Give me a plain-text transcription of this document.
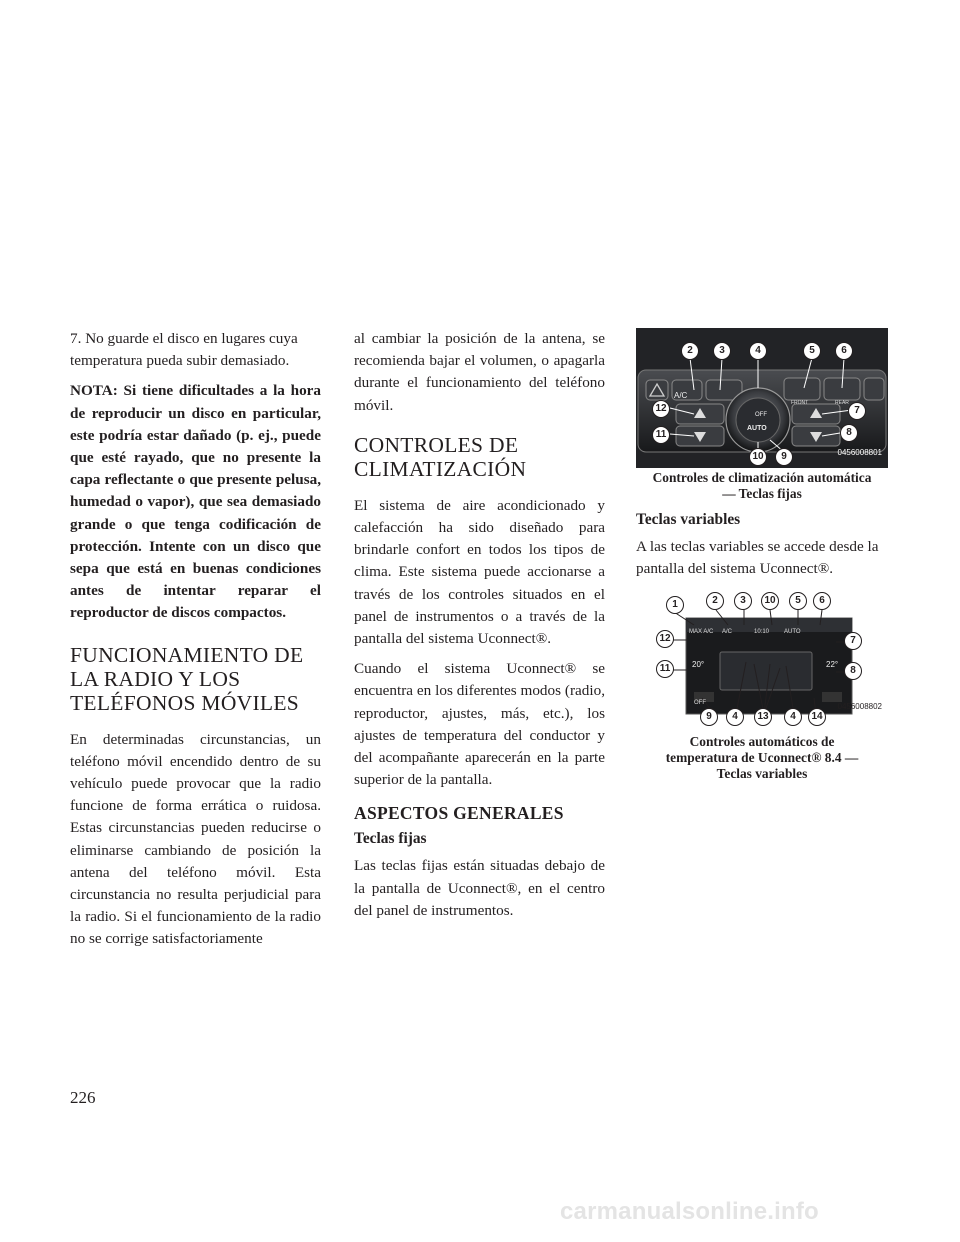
7. No guarde el disco en lugares cuya temperatura pueda subir demasiado.

NOTA: Si tiene dificultades a la hora de reproducir un disco en particular, este podría estar dañado (p. ej., puede que esté rayado, que no presente la capa reflectante o que presente pelusa, humedad o vapor), que sea demasiado grande o que tenga codificación de protección. Intente con un disco que sepa que está en buenas condiciones antes de intentar reparar el reproductor de discos compactos.

FUNCIONAMIENTO DE LA RADIO Y LOS TELÉFONOS MÓVILES

En determinadas circunstancias, un teléfono móvil encendido dentro de su vehículo puede provocar que la radio funcione de forma errática o ruidosa. Estas circunstancias pueden reducirse o eliminarse cambiando de posición la antena del teléfono móvil. Esta circunstancia no resulta perjudicial para la radio. Si el funcionamiento de la radio no se corrige satisfactoriamente

al cambiar la posición de la antena, se recomienda bajar el volumen, o apagarla durante el funcionamiento del teléfono móvil.

CONTROLES DE CLIMATIZACIÓN

El sistema de aire acondicionado y calefacción ha sido diseñado para brindarle confort en todos los tipos de clima. Este sistema puede accionarse a través de los controles situados en el panel de instrumentos o a través de la pantalla del sistema Uconnect®.

Cuando el sistema Uconnect® se encuentra en los diferentes modos (radio, reproductor, ajustes, más, etc.), los ajustes de temperatura del conductor y del acompañante aparecerán en la parte superior de la pantalla.

ASPECTOS GENERALES
Teclas fijas

Las teclas fijas están situadas debajo de la pantalla de Uconnect®, en el centro del panel de instrumentos.

A/C
OFF
AUTO
FRONT	REAR
2	3	4	5	6
12	7
11	8
10	9	0456008801
Controles de climatización automática — Teclas fijas
Teclas variables

A las teclas variables se accede desde la pantalla del sistema Uconnect®.

MAX A/C A/C	10:10 AUTO
20°	22°
OFF
1	2	3	10	5	6
12	7
11	8
9	4	13	4	14
0456008802
Controles automáticos de temperatura de Uconnect® 8.4 — Teclas variables
226
carmanualsonline.info
